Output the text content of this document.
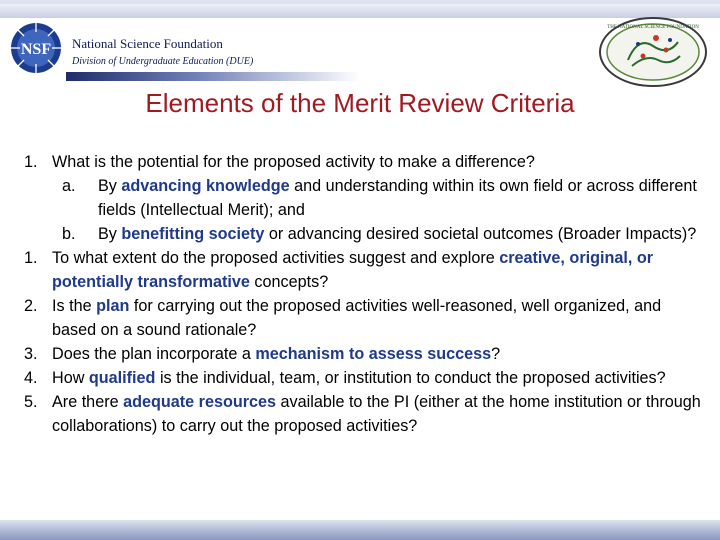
NSF National Science Foundation
Division of Undergraduate Education (DUE)
THE NATIONAL SCIENCE FOUNDATION
Elements of the Merit Review Criteria
1. What is the potential for the proposed activity to make a difference?
a. By advancing knowledge and understanding within its own field or across different fields (Intellectual Merit); and
b. By benefitting society or advancing desired societal outcomes (Broader Impacts)?
1. To what extent do the proposed activities suggest and explore creative, original, or potentially transformative concepts?
2. Is the plan for carrying out the proposed activities well-reasoned, well organized, and based on a sound rationale?
3. Does the plan incorporate a mechanism to assess success?
4. How qualified is the individual, team, or institution to conduct the proposed activities?
5. Are there adequate resources available to the PI (either at the home institution or through collaborations) to carry out the proposed activities?
